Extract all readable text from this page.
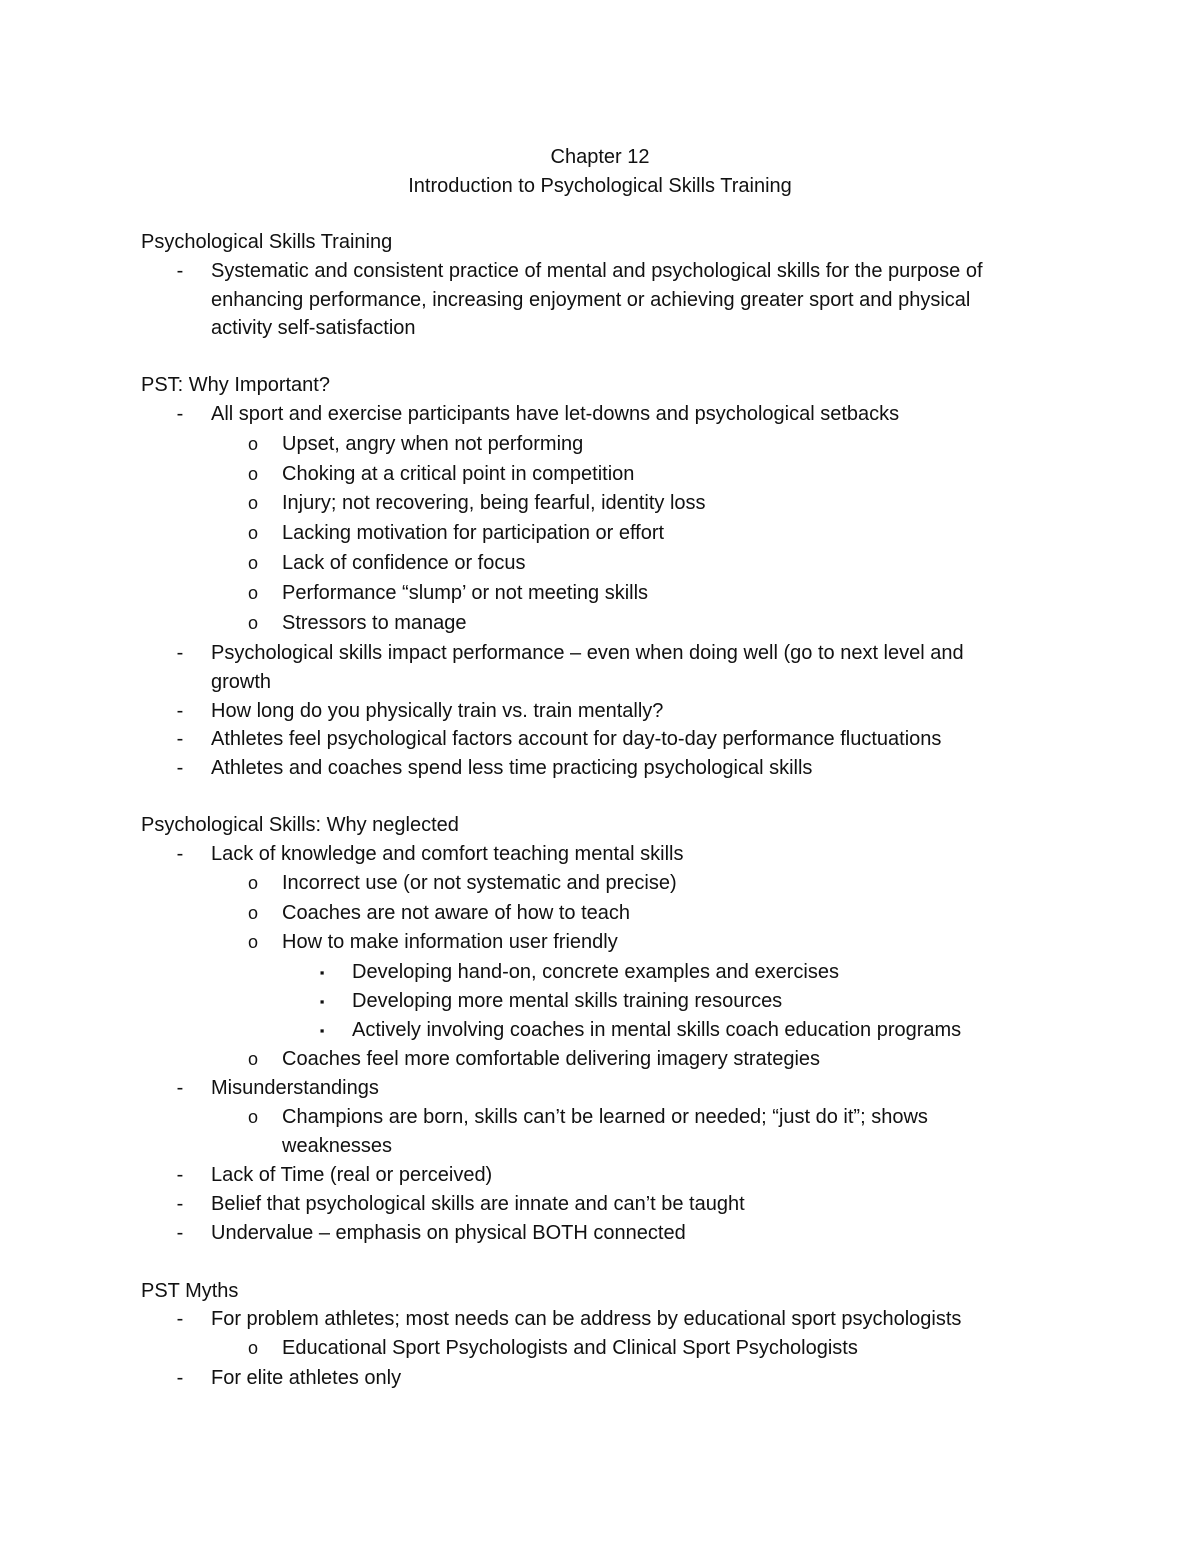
Chapter 12
Introduction to Psychological Skills Training
Psychological Skills Training
-	Systematic and consistent practice of mental and psychological skills for the purpose of
enhancing performance, increasing enjoyment or achieving greater sport and physical
activity self-satisfaction
PST: Why Important?
-	All sport and exercise participants have let-downs and psychological setbacks
o Upset, angry when not performing
o Choking at a critical point in competition
o Injury; not recovering, being fearful, identity loss
o Lacking motivation for participation or effort
o Lack of confidence or focus
o Performance “slump’ or not meeting skills
o Stressors to manage
-	Psychological skills impact performance – even when doing well (go to next level and
growth
-	How long do you physically train vs. train mentally?
-	Athletes feel psychological factors account for day-to-day performance fluctuations
-	Athletes and coaches spend less time practicing psychological skills
Psychological Skills: Why neglected
-	Lack of knowledge and comfort teaching mental skills
o Incorrect use (or not systematic and precise)
o Coaches are not aware of how to teach
o How to make information user friendly
▪	Developing hand-on, concrete examples and exercises
▪	Developing more mental skills training resources
▪	Actively involving coaches in mental skills coach education programs
o Coaches feel more comfortable delivering imagery strategies
-	Misunderstandings
o Champions are born, skills can’t be learned or needed; “just do it”; shows
weaknesses
-	Lack of Time (real or perceived)
-	Belief that psychological skills are innate and can’t be taught
-	Undervalue – emphasis on physical BOTH connected
PST Myths
-	For problem athletes; most needs can be address by educational sport psychologists
o Educational Sport Psychologists and Clinical Sport Psychologists
-	For elite athletes only
